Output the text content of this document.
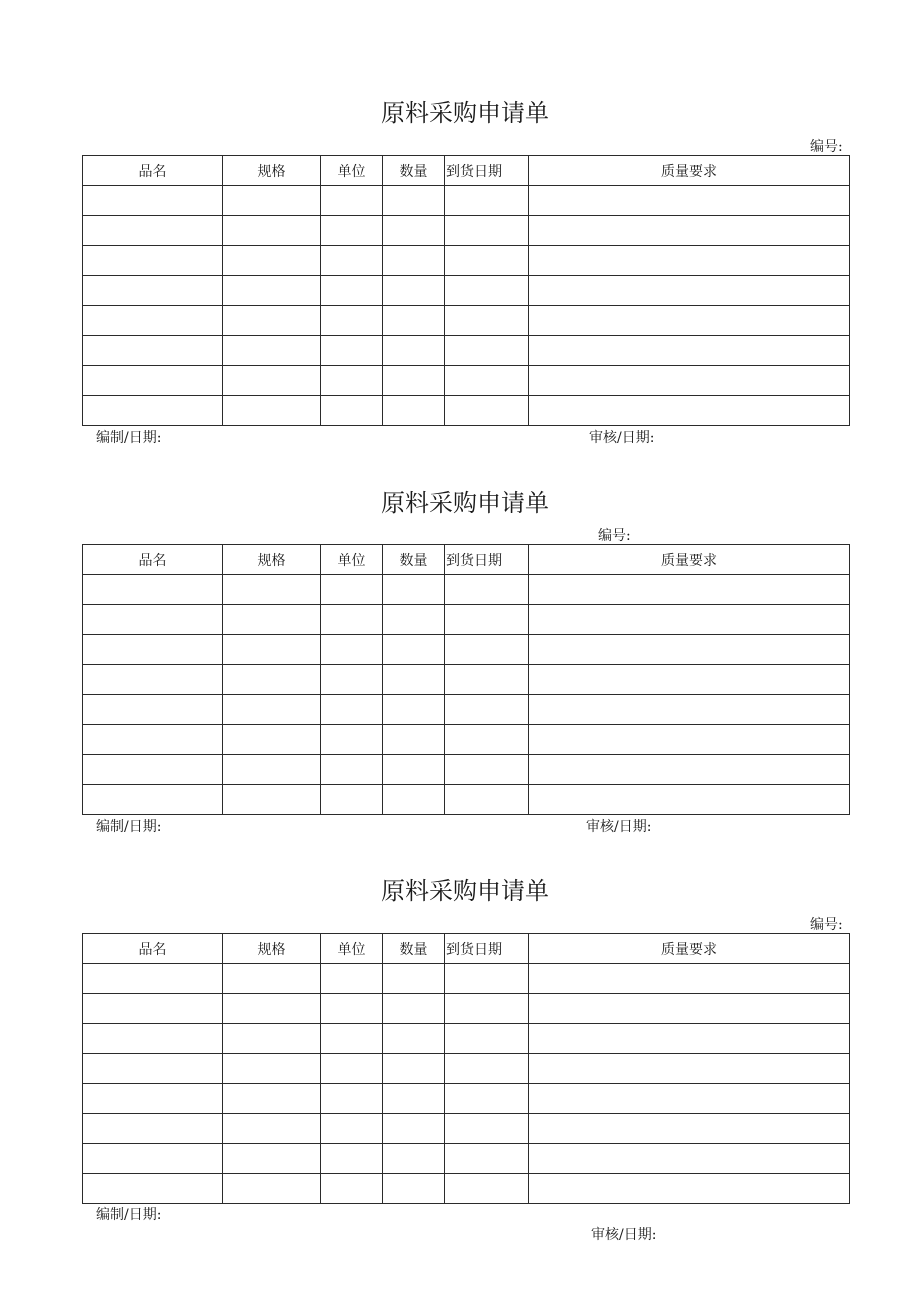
原料采购申请单
编号:
品名	规格	单位	数量	到货日期	质量要求

编制/日期:	审核/日期:
原料采购申请单
编号:
品名	规格	单位	数量	到货日期	质量要求

编制/日期:	审核/日期:
原料采购申请单
编号:
品名	规格	单位	数量	到货日期	质量要求

编制/日期:
审核/日期:
